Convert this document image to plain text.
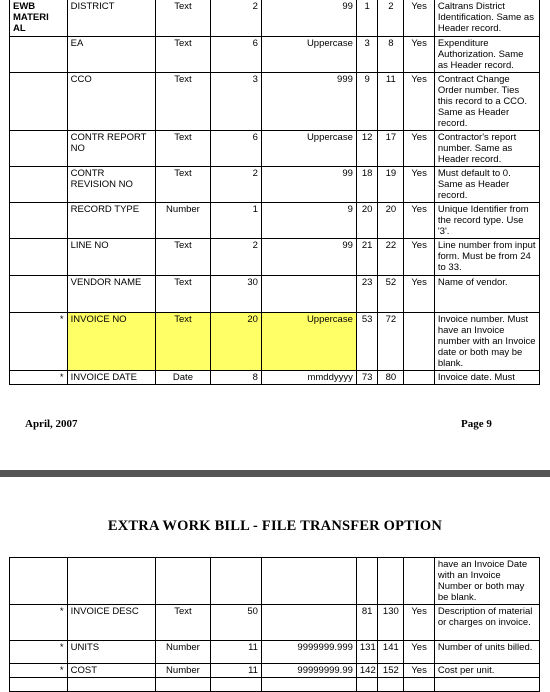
EWB MATERI AL	DISTRICT	Text	2	99	1	2	Yes	Caltrans District Identification. Same as Header record.
	EA	Text	6	Uppercase	3	8	Yes	Expenditure Authorization. Same as Header record.
	CCO	Text	3	999	9	11	Yes	Contract Change Order number. Ties this record to a CCO. Same as Header record.
	CONTR REPORT NO	Text	6	Uppercase	12	17	Yes	Contractor's report number. Same as Header record.
	CONTR REVISION NO	Text	2	99	18	19	Yes	Must default to 0. Same as Header record.
	RECORD TYPE	Number	1	9	20	20	Yes	Unique Identifier from the record type. Use '3'.
	LINE NO	Text	2	99	21	22	Yes	Line number from input form. Must be from 24 to 33.
	VENDOR NAME	Text	30		23	52	Yes	Name of vendor.
*	INVOICE NO	Text	20	Uppercase	53	72		Invoice number. Must have an Invoice number with an Invoice date or both may be blank.
*	INVOICE DATE	Date	8	mmddyyyy	73	80		Invoice date. Must
April, 2007	Page 9
EXTRA WORK BILL - FILE TRANSFER OPTION
								have an Invoice Date with an Invoice Number or both may be blank.
*	INVOICE DESC	Text	50		81	130	Yes	Description of material or charges on invoice.
*	UNITS	Number	11	9999999.999	131	141	Yes	Number of units billed.
*	COST	Number	11	99999999.99	142	152	Yes	Cost per unit.
